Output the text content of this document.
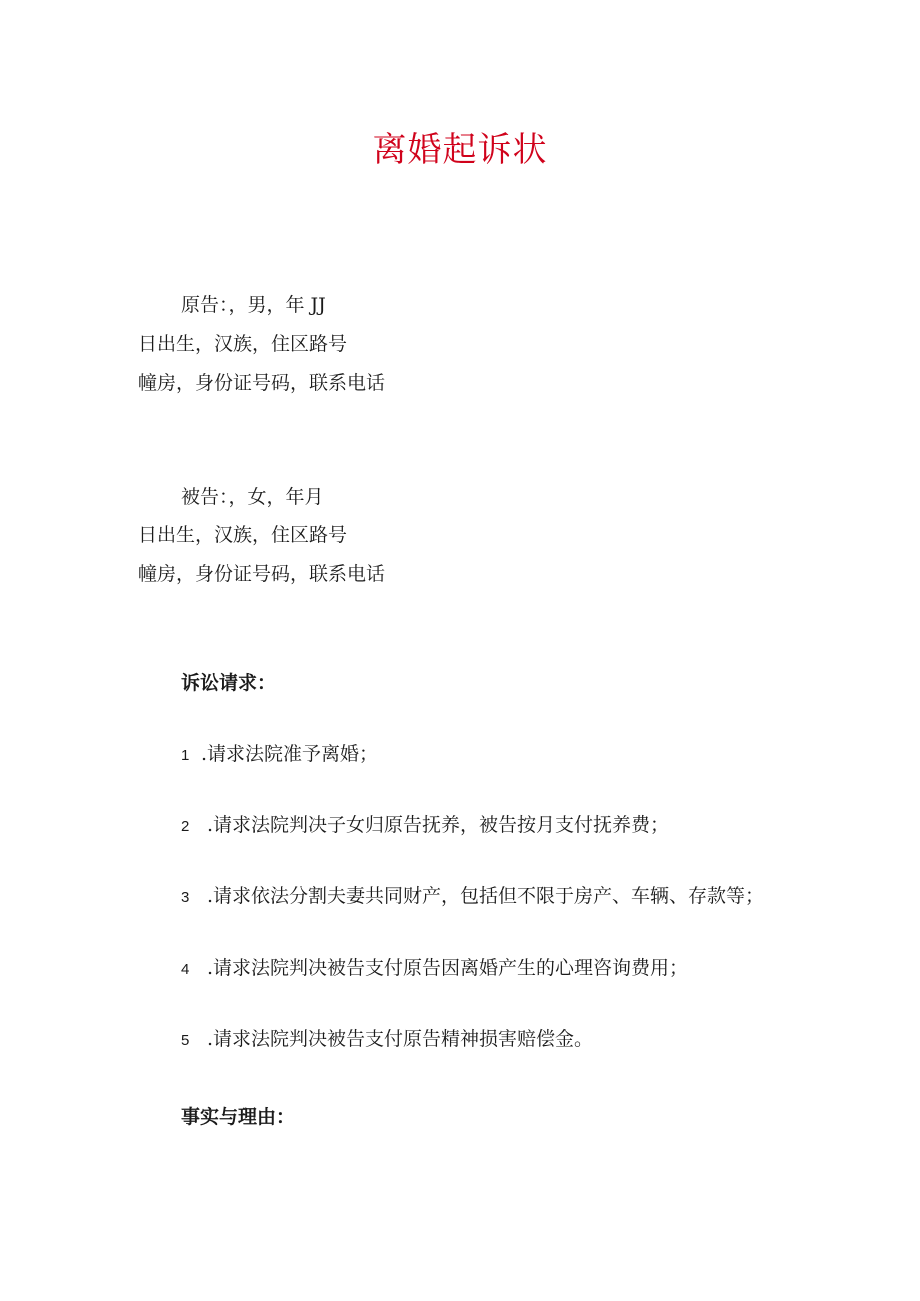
离婚起诉状
原告：，男，年 JJ
日出生，汉族，住区路号
幢房，身份证号码，联系电话
被告：，女，年月
日出生，汉族，住区路号
幢房，身份证号码，联系电话
诉讼请求：
1 .请求法院准予离婚；
2 .请求法院判决子女归原告抚养，被告按月支付抚养费；
3 .请求依法分割夫妻共同财产，包括但不限于房产、车辆、存款等；
4 .请求法院判决被告支付原告因离婚产生的心理咨询费用；
5 .请求法院判决被告支付原告精神损害赔偿金。
事实与理由：
